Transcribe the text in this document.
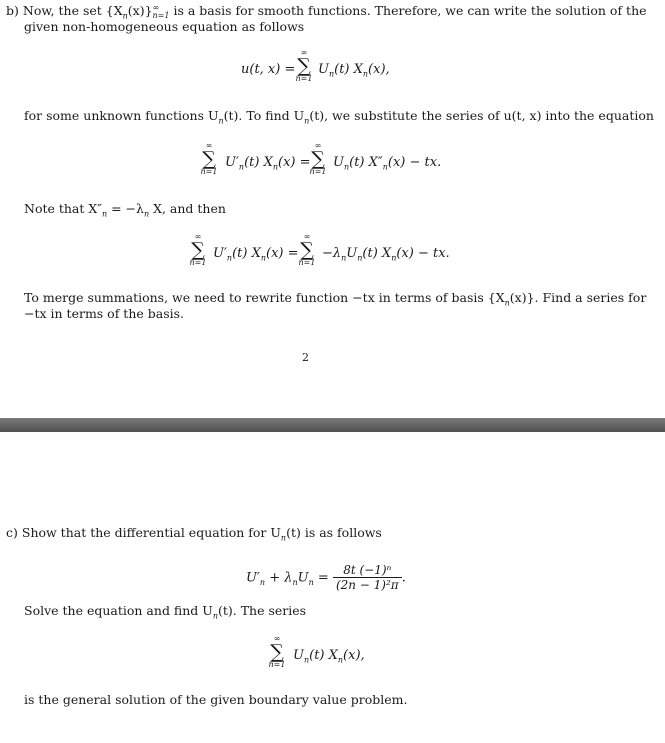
b) Now, the set $\{X_n(x)\}$ ∞
n=1 is a basis for smooth functions. Therefore, we can write the solution of the
given non-homogeneous equation as follows
u(t, x) =
∞
∑
n=1
$U_n(t)$ $X_n(x)$,
for some unknown functions $U_n(t)$. To find $U_n(t)$, we substitute the series of u(t, x) into the equation
∞
∑
n=1
$U'_n(t) X_n(x)$ =
∞
∑
n=1
$U_n(t) X''_n(x)$ − tx.
Note that $X''_n = -\lambda_n$ X, and then
∞
∑
n=1
$U'_n(t) X_n(x)$ =
∞
∑
n=1
$-\lambda_nU_n(t) X_n(x)$ − tx.
To merge summations, we need to rewrite function −tx in terms of basis $\{X_n(x)\}$. Find a series for
−tx in terms of the basis.
2
c) Show that the differential equation for $U_n(t)$ is as follows
$U'_n + \lambda_nU_n = \frac{\text{8t (−1)ⁿ}}{\text{(2n − 1)²π}}$ .
Solve the equation and find $U_n(t)$. The series
∞
∑
n=1
$U_n(t)$ $X_n(x)$,
is the general solution of the given boundary value problem.
